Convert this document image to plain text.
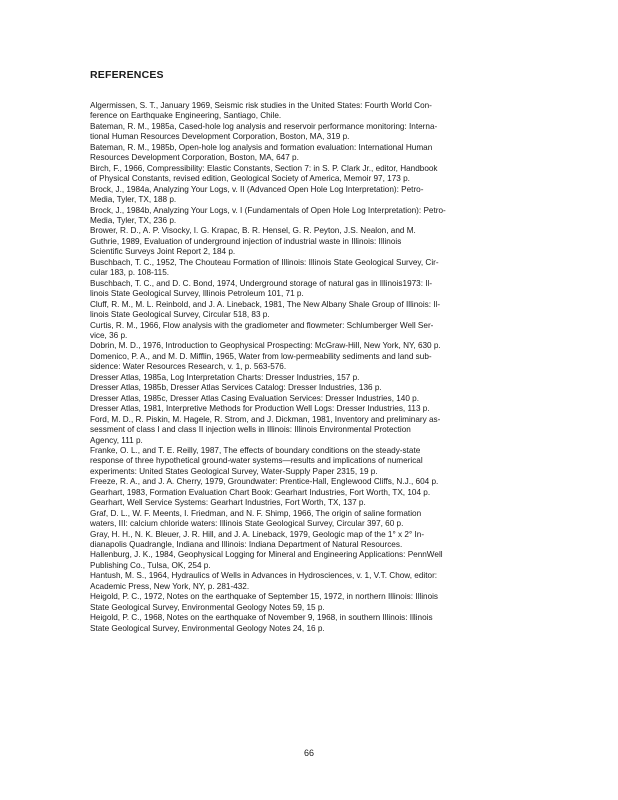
REFERENCES
Algermissen, S. T., January 1969, Seismic risk studies in the United States: Fourth World Con-
ference on Earthquake Engineering, Santiago, Chile.
Bateman, R. M., 1985a, Cased-hole log analysis and reservoir performance monitoring: Interna-
tional Human Resources Development Corporation, Boston, MA, 319 p.
Bateman, R. M., 1985b, Open-hole log analysis and formation evaluation: International Human
Resources Development Corporation, Boston, MA, 647 p.
Birch, F., 1966, Compressibility: Elastic Constants, Section 7: in S. P. Clark Jr., editor, Handbook
of Physical Constants, revised edition, Geological Society of America, Memoir 97, 173 p.
Brock, J., 1984a, Analyzing Your Logs, v. II (Advanced Open Hole Log Interpretation): Petro-
Media, Tyler, TX, 188 p.
Brock, J., 1984b, Analyzing Your Logs, v. I (Fundamentals of Open Hole Log Interpretation): Petro-
Media, Tyler, TX, 236 p.
Brower, R. D., A. P. Visocky, I. G. Krapac, B. R. Hensel, G. R. Peyton, J.S. Nealon, and M.
Guthrie, 1989, Evaluation of underground injection of industrial waste in Illinois: Illinois
Scientific Surveys Joint Report 2, 184 p.
Buschbach, T. C., 1952, The Chouteau Formation of Illinois: Illinois State Geological Survey, Cir-
cular 183, p. 108-115.
Buschbach, T. C., and D. C. Bond, 1974, Underground storage of natural gas in Illinois1973: Il-
linois State Geological Survey, Illinois Petroleum 101, 71 p.
Cluff, R. M., M. L. Reinbold, and J. A. Lineback, 1981, The New Albany Shale Group of Illinois: Il-
linois State Geological Survey, Circular 518, 83 p.
Curtis, R. M., 1966, Flow analysis with the gradiometer and flowmeter: Schlumberger Well Ser-
vice, 36 p.
Dobrin, M. D., 1976, Introduction to Geophysical Prospecting: McGraw-Hill, New York, NY, 630 p.
Domenico, P. A., and M. D. Mifflin, 1965, Water from low-permeability sediments and land sub-
sidence: Water Resources Research, v. 1, p. 563-576.
Dresser Atlas, 1985a, Log Interpretation Charts: Dresser Industries, 157 p.
Dresser Atlas, 1985b, Dresser Atlas Services Catalog: Dresser Industries, 136 p.
Dresser Atlas, 1985c, Dresser Atlas Casing Evaluation Services: Dresser Industries, 140 p.
Dresser Atlas, 1981, Interpretive Methods for Production Well Logs: Dresser Industries, 113 p.
Ford, M. D., R. Piskin, M. Hagele, R. Strom, and J. Dickman, 1981, Inventory and preliminary as-
sessment of class I and class II injection wells in Illinois: Illinois Environmental Protection
Agency, 111 p.
Franke, O. L., and T. E. Reilly, 1987, The effects of boundary conditions on the steady-state
response of three hypothetical ground-water systems—results and implications of numerical
experiments: United States Geological Survey, Water-Supply Paper 2315, 19 p.
Freeze, R. A., and J. A. Cherry, 1979, Groundwater: Prentice-Hall, Englewood Cliffs, N.J., 604 p.
Gearhart, 1983, Formation Evaluation Chart Book: Gearhart Industries, Fort Worth, TX, 104 p.
Gearhart, Well Service Systems: Gearhart Industries, Fort Worth, TX, 137 p.
Graf, D. L., W. F. Meents, I. Friedman, and N. F. Shimp, 1966, The origin of saline formation
waters, III: calcium chloride waters: Illinois State Geological Survey, Circular 397, 60 p.
Gray, H. H., N. K. Bleuer, J. R. Hill, and J. A. Lineback, 1979, Geologic map of the 1° x 2° In-
dianapolis Quadrangle, Indiana and Illinois: Indiana Department of Natural Resources.
Hallenburg, J. K., 1984, Geophysical Logging for Mineral and Engineering Applications: PennWell
Publishing Co., Tulsa, OK, 254 p.
Hantush, M. S., 1964, Hydraulics of Wells in Advances in Hydrosciences, v. 1, V.T. Chow, editor:
Academic Press, New York, NY, p. 281-432.
Heigold, P. C., 1972, Notes on the earthquake of September 15, 1972, in northern Illinois: Illinois
State Geological Survey, Environmental Geology Notes 59, 15 p.
Heigold, P. C., 1968, Notes on the earthquake of November 9, 1968, in southern Illinois: Illinois
State Geological Survey, Environmental Geology Notes 24, 16 p.
66
